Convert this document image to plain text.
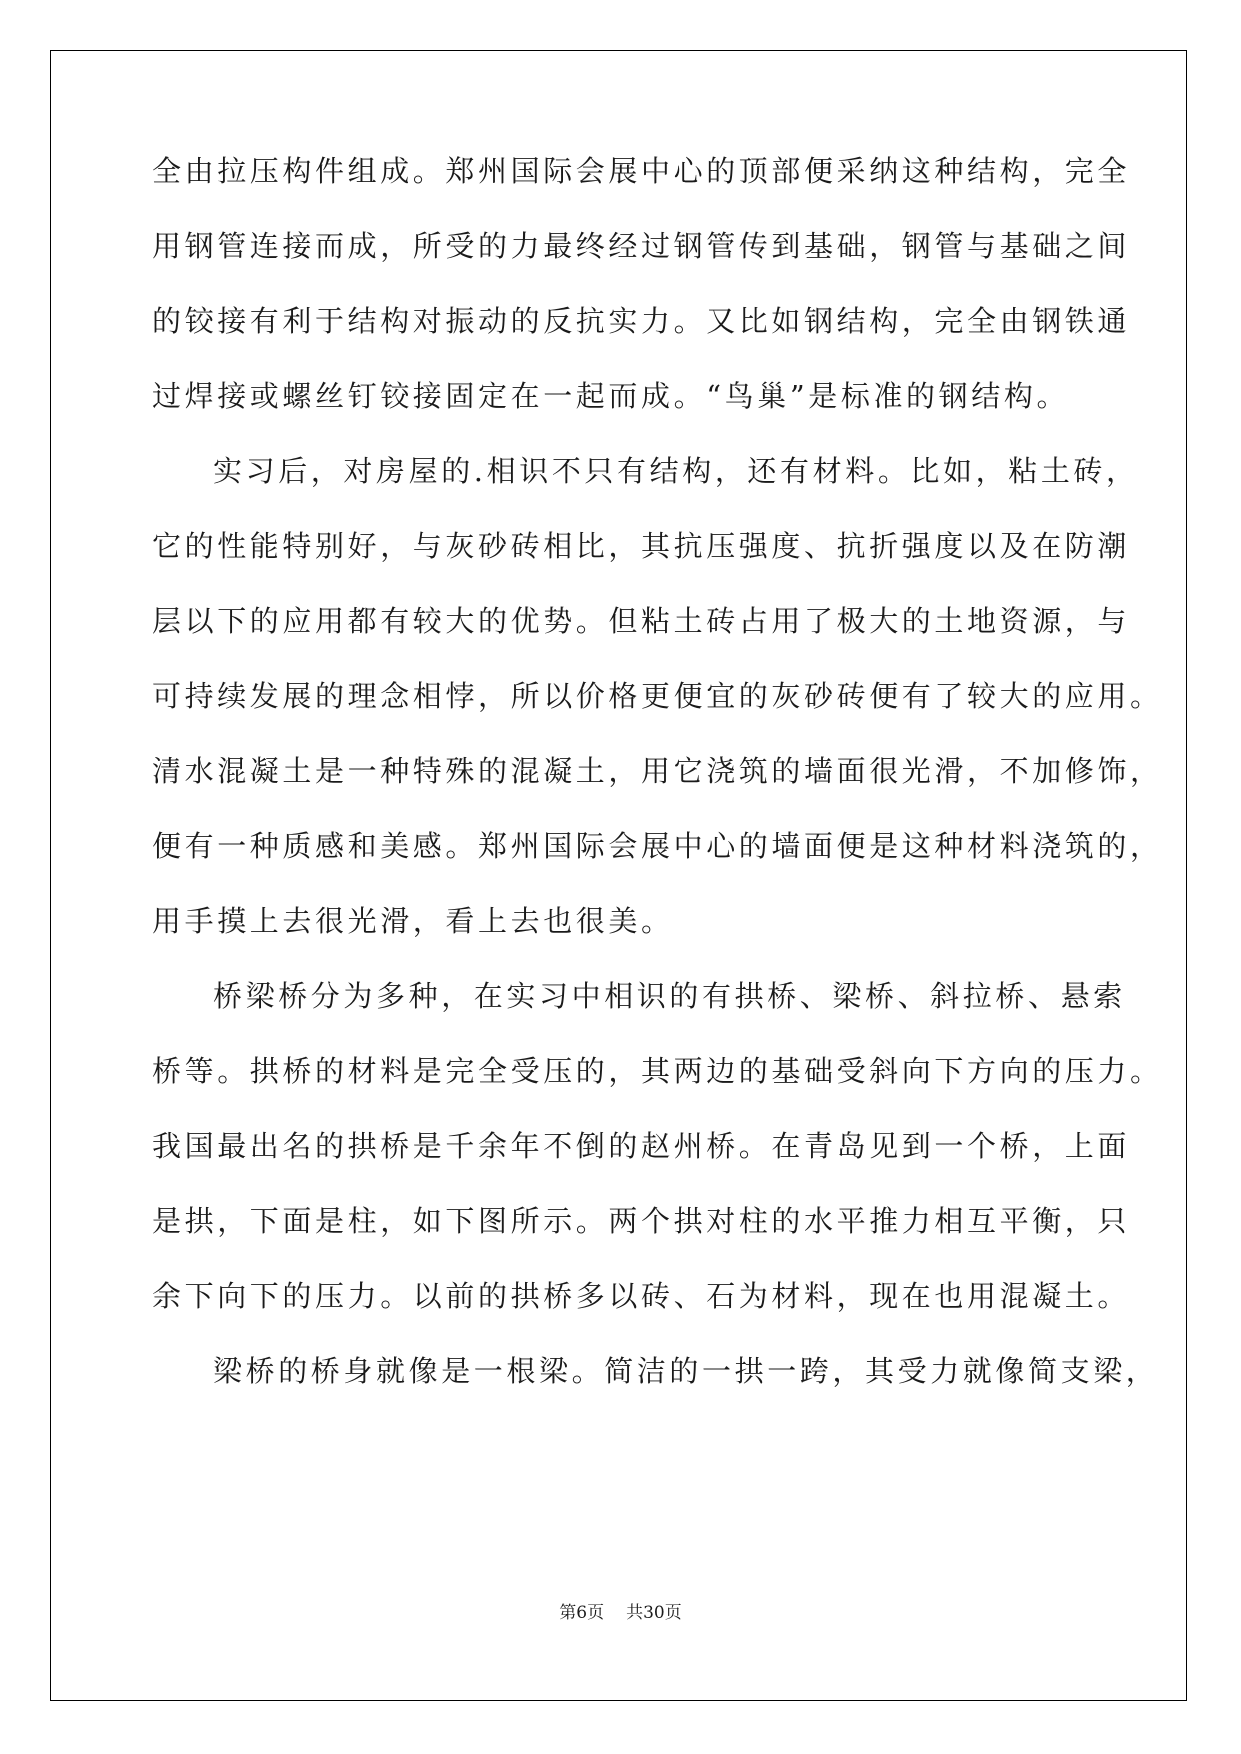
全由拉压构件组成。郑州国际会展中心的顶部便采纳这种结构，完全
用钢管连接而成，所受的力最终经过钢管传到基础，钢管与基础之间
的铰接有利于结构对振动的反抗实力。又比如钢结构，完全由钢铁通
过焊接或螺丝钉铰接固定在一起而成。“鸟巢”是标准的钢结构。
实习后，对房屋的.相识不只有结构，还有材料。比如，粘土砖，
它的性能特别好，与灰砂砖相比，其抗压强度、抗折强度以及在防潮
层以下的应用都有较大的优势。但粘土砖占用了极大的土地资源，与
可持续发展的理念相悖，所以价格更便宜的灰砂砖便有了较大的应用。
清水混凝土是一种特殊的混凝土，用它浇筑的墙面很光滑，不加修饰，
便有一种质感和美感。郑州国际会展中心的墙面便是这种材料浇筑的，
用手摸上去很光滑，看上去也很美。
桥梁桥分为多种，在实习中相识的有拱桥、梁桥、斜拉桥、悬索
桥等。拱桥的材料是完全受压的，其两边的基础受斜向下方向的压力。
我国最出名的拱桥是千余年不倒的赵州桥。在青岛见到一个桥，上面
是拱，下面是柱，如下图所示。两个拱对柱的水平推力相互平衡，只
余下向下的压力。以前的拱桥多以砖、石为材料，现在也用混凝土。
梁桥的桥身就像是一根梁。简洁的一拱一跨，其受力就像简支梁，
第6页 共30页
